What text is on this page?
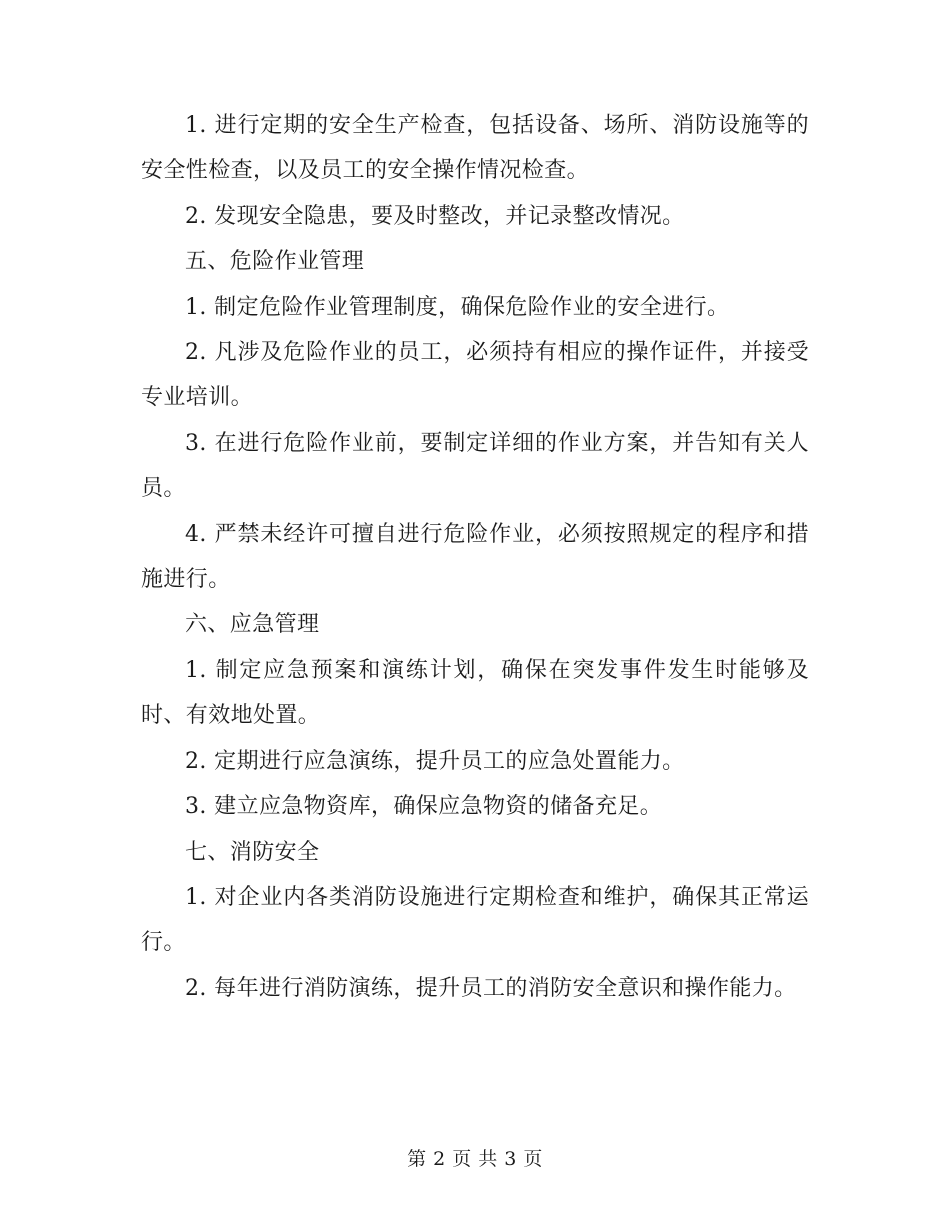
1. 进行定期的安全生产检查，包括设备、场所、消防设施等的安全性检查，以及员工的安全操作情况检查。

2. 发现安全隐患，要及时整改，并记录整改情况。

五、危险作业管理

1. 制定危险作业管理制度，确保危险作业的安全进行。

2. 凡涉及危险作业的员工，必须持有相应的操作证件，并接受专业培训。

3. 在进行危险作业前，要制定详细的作业方案，并告知有关人员。

4. 严禁未经许可擅自进行危险作业，必须按照规定的程序和措施进行。

六、应急管理

1. 制定应急预案和演练计划，确保在突发事件发生时能够及时、有效地处置。

2. 定期进行应急演练，提升员工的应急处置能力。

3. 建立应急物资库，确保应急物资的储备充足。

七、消防安全

1. 对企业内各类消防设施进行定期检查和维护，确保其正常运行。

2. 每年进行消防演练，提升员工的消防安全意识和操作能力。

第 2 页 共 3 页
